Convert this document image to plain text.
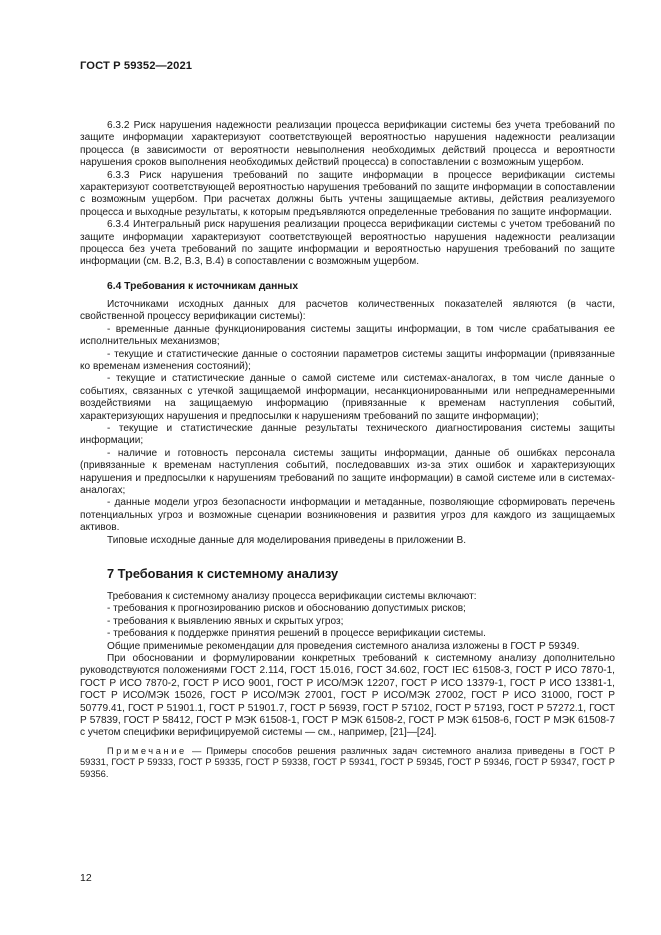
ГОСТ Р 59352—2021

6.3.2 Риск нарушения надежности реализации процесса верификации системы без учета требований по защите информации характеризуют соответствующей вероятностью нарушения надежности реализации процесса (в зависимости от вероятности невыполнения необходимых действий процесса и вероятности нарушения сроков выполнения необходимых действий процесса) в сопоставлении с возможным ущербом.

6.3.3 Риск нарушения требований по защите информации в процессе верификации системы характеризуют соответствующей вероятностью нарушения требований по защите информации в сопоставлении с возможным ущербом. При расчетах должны быть учтены защищаемые активы, действия реализуемого процесса и выходные результаты, к которым предъявляются определенные требования по защите информации.

6.3.4 Интегральный риск нарушения реализации процесса верификации системы с учетом требований по защите информации характеризуют соответствующей вероятностью нарушения надежности реализации процесса без учета требований по защите информации и вероятностью нарушения требований по защите информации (см. В.2, В.3, В.4) в сопоставлении с возможным ущербом.

6.4 Требования к источникам данных

Источниками исходных данных для расчетов количественных показателей являются (в части, свойственной процессу верификации системы):

- временные данные функционирования системы защиты информации, в том числе срабатывания ее исполнительных механизмов;

- текущие и статистические данные о состоянии параметров системы защиты информации (привязанные ко временам изменения состояний);

- текущие и статистические данные о самой системе или системах-аналогах, в том числе данные о событиях, связанных с утечкой защищаемой информации, несанкционированными или непреднамеренными воздействиями на защищаемую информацию (привязанные к временам наступления событий, характеризующих нарушения и предпосылки к нарушениям требований по защите информации);

- текущие и статистические данные результаты технического диагностирования системы защиты информации;

- наличие и готовность персонала системы защиты информации, данные об ошибках персонала (привязанные к временам наступления событий, последовавших из-за этих ошибок и характеризующих нарушения и предпосылки к нарушениям требований по защите информации) в самой системе или в системах-аналогах;

- данные модели угроз безопасности информации и метаданные, позволяющие сформировать перечень потенциальных угроз и возможные сценарии возникновения и развития угроз для каждого из защищаемых активов.

Типовые исходные данные для моделирования приведены в приложении В.

7 Требования к системному анализу

Требования к системному анализу процесса верификации системы включают:

- требования к прогнозированию рисков и обоснованию допустимых рисков;

- требования к выявлению явных и скрытых угроз;

- требования к поддержке принятия решений в процессе верификации системы.

Общие применимые рекомендации для проведения системного анализа изложены в ГОСТ Р 59349.

При обосновании и формулировании конкретных требований к системному анализу дополнительно руководствуются положениями ГОСТ 2.114, ГОСТ 15.016, ГОСТ 34.602, ГОСТ IEC 61508-3, ГОСТ Р ИСО 7870-1, ГОСТ Р ИСО 7870-2, ГОСТ Р ИСО 9001, ГОСТ Р ИСО/МЭК 12207, ГОСТ Р ИСО 13379-1, ГОСТ Р ИСО 13381-1, ГОСТ Р ИСО/МЭК 15026, ГОСТ Р ИСО/МЭК 27001, ГОСТ Р ИСО/МЭК 27002, ГОСТ Р ИСО 31000, ГОСТ Р 50779.41, ГОСТ Р 51901.1, ГОСТ Р 51901.7, ГОСТ Р 56939, ГОСТ Р 57102, ГОСТ Р 57193, ГОСТ Р 57272.1, ГОСТ Р 57839, ГОСТ Р 58412, ГОСТ Р МЭК 61508-1, ГОСТ Р МЭК 61508-2, ГОСТ Р МЭК 61508-6, ГОСТ Р МЭК 61508-7 с учетом специфики верифицируемой системы — см., например, [21]—[24].

Примечание — Примеры способов решения различных задач системного анализа приведены в ГОСТ Р 59331, ГОСТ Р 59333, ГОСТ Р 59335, ГОСТ Р 59338, ГОСТ Р 59341, ГОСТ Р 59345, ГОСТ Р 59346, ГОСТ Р 59347, ГОСТ Р 59356.
12
